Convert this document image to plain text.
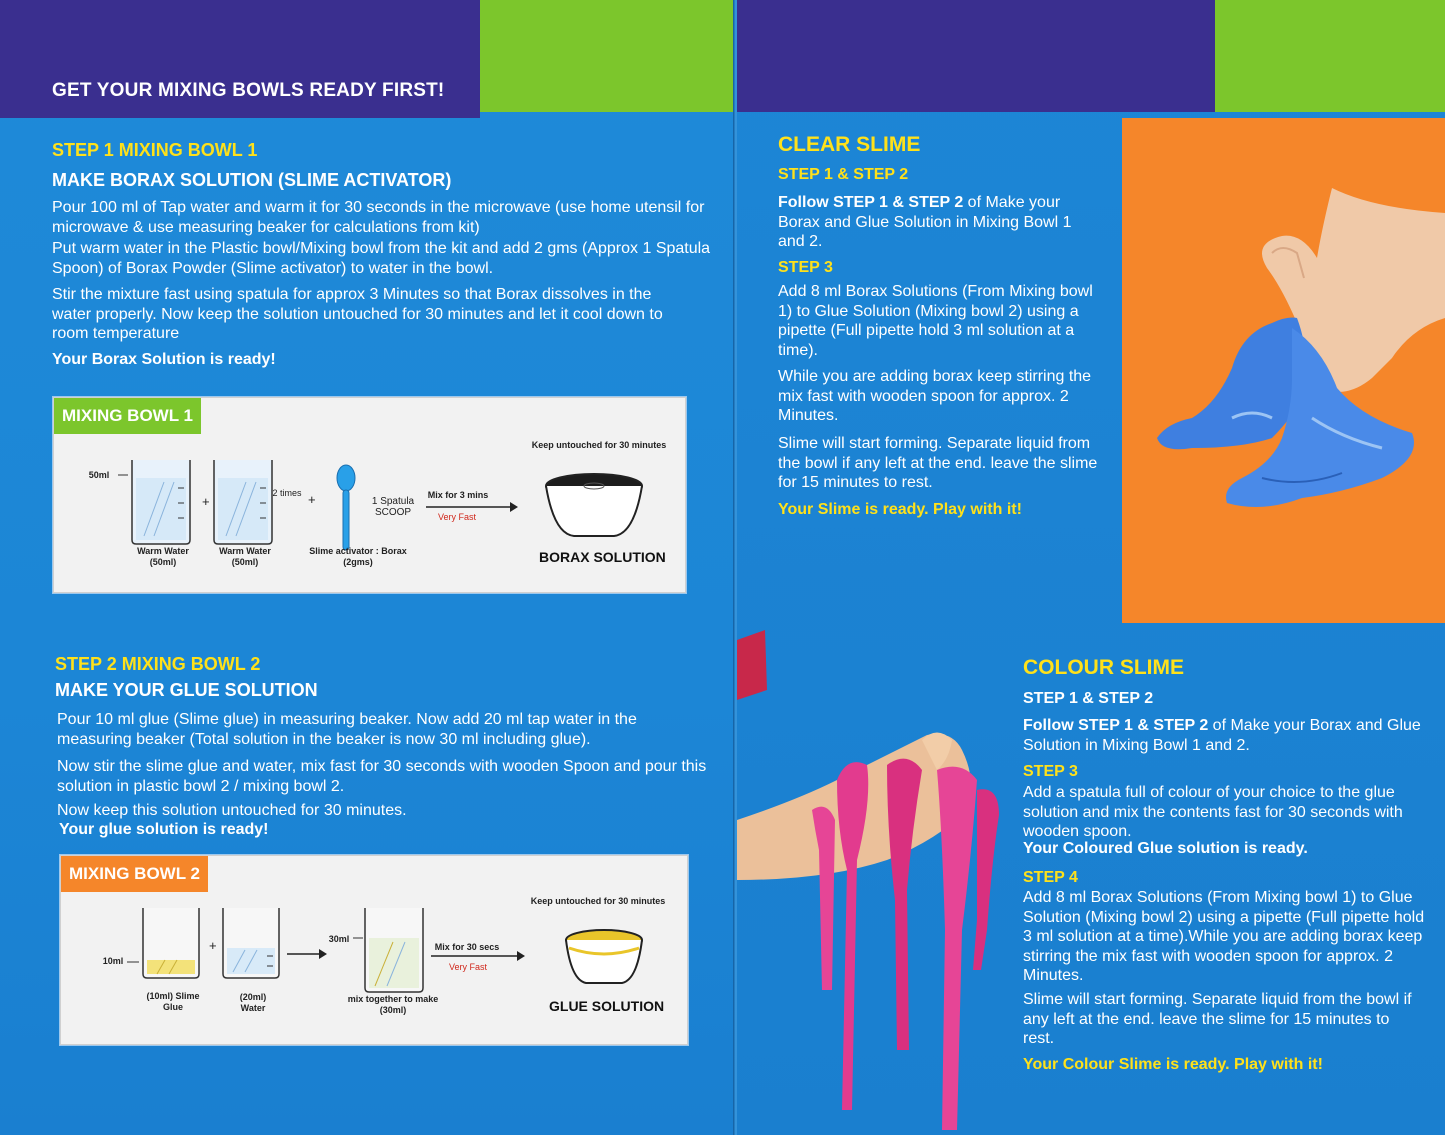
GET YOUR MIXING BOWLS READY FIRST!
STEP 1 MIXING BOWL 1
MAKE BORAX SOLUTION (SLIME ACTIVATOR)
Pour 100 ml of Tap water and warm it for 30 seconds in the microwave (use home utensil for microwave & use measuring beaker for calculations from kit)
Put warm water in the Plastic bowl/Mixing bowl from the kit and add 2 gms (Approx 1 Spatula Spoon) of Borax Powder (Slime activator) to water in the bowl.
Stir the mixture fast using spatula for approx 3 Minutes so that Borax dissolves in the water properly. Now keep the solution untouched for 30 minutes and let it cool down to room temperature
Your Borax Solution is ready!
MIXING BOWL 1
+	+
Keep untouched for 30 minutes
50ml
2 times
1 Spatula SCOOP
Mix for 3 mins
Very Fast
Warm Water (50ml)
Warm Water (50ml)
Slime activator : Borax (2gms)	BORAX SOLUTION
STEP 2 MIXING BOWL 2
MAKE YOUR GLUE SOLUTION
Pour 10 ml glue (Slime glue) in measuring beaker. Now add 20 ml tap water in the measuring beaker (Total solution in the beaker is now 30 ml including glue).
Now stir the slime glue and water, mix fast for 30 seconds with wooden Spoon and pour this solution in plastic bowl 2 / mixing bowl 2.
Now keep this solution untouched for 30 minutes.
Your glue solution is ready!
MIXING BOWL 2
+
Keep untouched for 30 minutes
10ml
30ml
Mix for 30 secs
Very Fast
(10ml) Slime Glue
(20ml) Water
mix together to make (30ml)	GLUE SOLUTION
CLEAR SLIME
STEP 1 & STEP 2
Follow STEP 1 & STEP 2 of Make your Borax and Glue Solution in Mixing Bowl 1 and 2.
STEP 3
Add 8 ml Borax Solutions (From Mixing bowl 1) to Glue Solution (Mixing bowl 2) using a pipette (Full pipette hold 3 ml solution at a time).
While you are adding borax keep stirring the mix fast with wooden spoon for approx. 2 Minutes.
Slime will start forming. Separate liquid from the bowl if any left at the end. leave the slime for 15 minutes to rest.
Your Slime is ready. Play with it!
COLOUR SLIME
STEP 1 & STEP 2
Follow STEP 1 & STEP 2 of Make your Borax and Glue Solution in Mixing Bowl 1 and 2.
STEP 3
Add a spatula full of colour of your choice to the glue solution and mix the contents fast for 30 seconds with wooden spoon.
Your Coloured Glue solution is ready.
STEP 4
Add 8 ml Borax Solutions (From Mixing bowl 1) to Glue Solution (Mixing bowl 2) using a pipette (Full pipette hold 3 ml solution at a time).While you are adding borax keep stirring the mix fast with wooden spoon for approx. 2 Minutes.
Slime will start forming. Separate liquid from the bowl if any left at the end. leave the slime for 15 minutes to rest.
Your Colour Slime is ready. Play with it!
